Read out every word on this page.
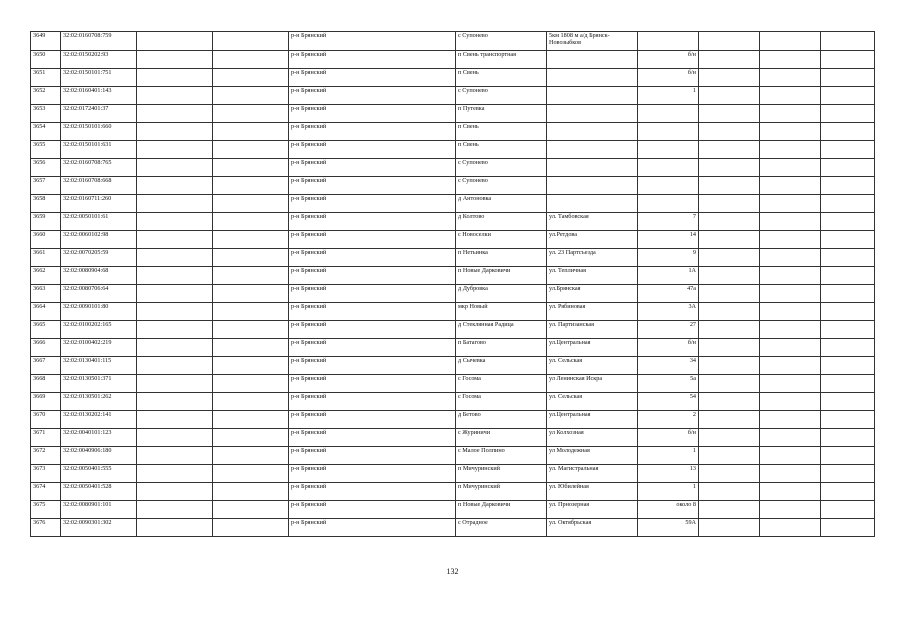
3649	32:02:0160708:759			р-н Брянский	с Супонево	5км 1808 м а/д Брянск-Новозыбков				
3650	32:02:0150202:93			р-н Брянский	п Свень транспортная		б/н			
3651	32:02:0150101:751			р-н Брянский	п Свень		б/н			
3652	32:02:0160401:143			р-н Брянский	с Супонево		1			
3653	32:02:0172401:37			р-н Брянский	п Путевка					
3654	32:02:0150101:660			р-н Брянский	п Свень					
3655	32:02:0150101:631			р-н Брянский	п Свень					
3656	32:02:0160708:765			р-н Брянский	с Супонево					
3657	32:02:0160708:668			р-н Брянский	с Супонево					
3658	32:02:0160711:260			р-н Брянский	д Антоновка					
3659	32:02:0050101:61			р-н Брянский	д Колтово	ул. Тамбовская	7			
3660	32:02:0060102:98			р-н Брянский	с Новоселки	ул.Ретдова	14			
3661	32:02:0070205:59			р-н Брянский	п Нетьинка	ул. 23 Партсъезда	9			
3662	32:02:0080904:68			р-н Брянский	п Новые Дарковичи	ул. Тепличная	1А			
3663	32:02:0080706:64			р-н Брянский	д Дубровка	ул.Брянская	47а			
3664	32:02:0090101:80			р-н Брянский	мкр Новый	ул. Рябиновая	3А			
3665	32:02:0100202:165			р-н Брянский	д Стеклянная Радица	ул. Партизанская	27			
3666	32:02:0100402:219			р-н Брянский	п Батагово	ул.Центральная	б/н			
3667	32:02:0130401:115			р-н Брянский	д Сычевка	ул. Сельская	34			
3668	32:02:0130501:371			р-н Брянский	с Госома	ул Ленинская Искра	5а			
3669	32:02:0130501:262			р-н Брянский	с Госома	ул. Сельская	54			
3670	32:02:0130202:141			р-н Брянский	д Бетово	ул.Центральная	2			
3671	32:02:0040101:123			р-н Брянский	с Журиничи	ул Колхозная	б/н			
3672	32:02:0040906:180			р-н Брянский	с Малое Полпино	ул Молодежная	1			
3673	32:02:0050401:555			р-н Брянский	п Мичуринский	ул. Магистральная	13			
3674	32:02:0050401:528			р-н Брянский	п Мичуринский	ул. Юбилейная	1			
3675	32:02:0080901:101			р-н Брянский	п Новые Дарковичи	ул. Прнозерная	около 8			
3676	32:02:0090301:302			р-н Брянский	с Отрадное	ул. Октябрьская	59А			
132
